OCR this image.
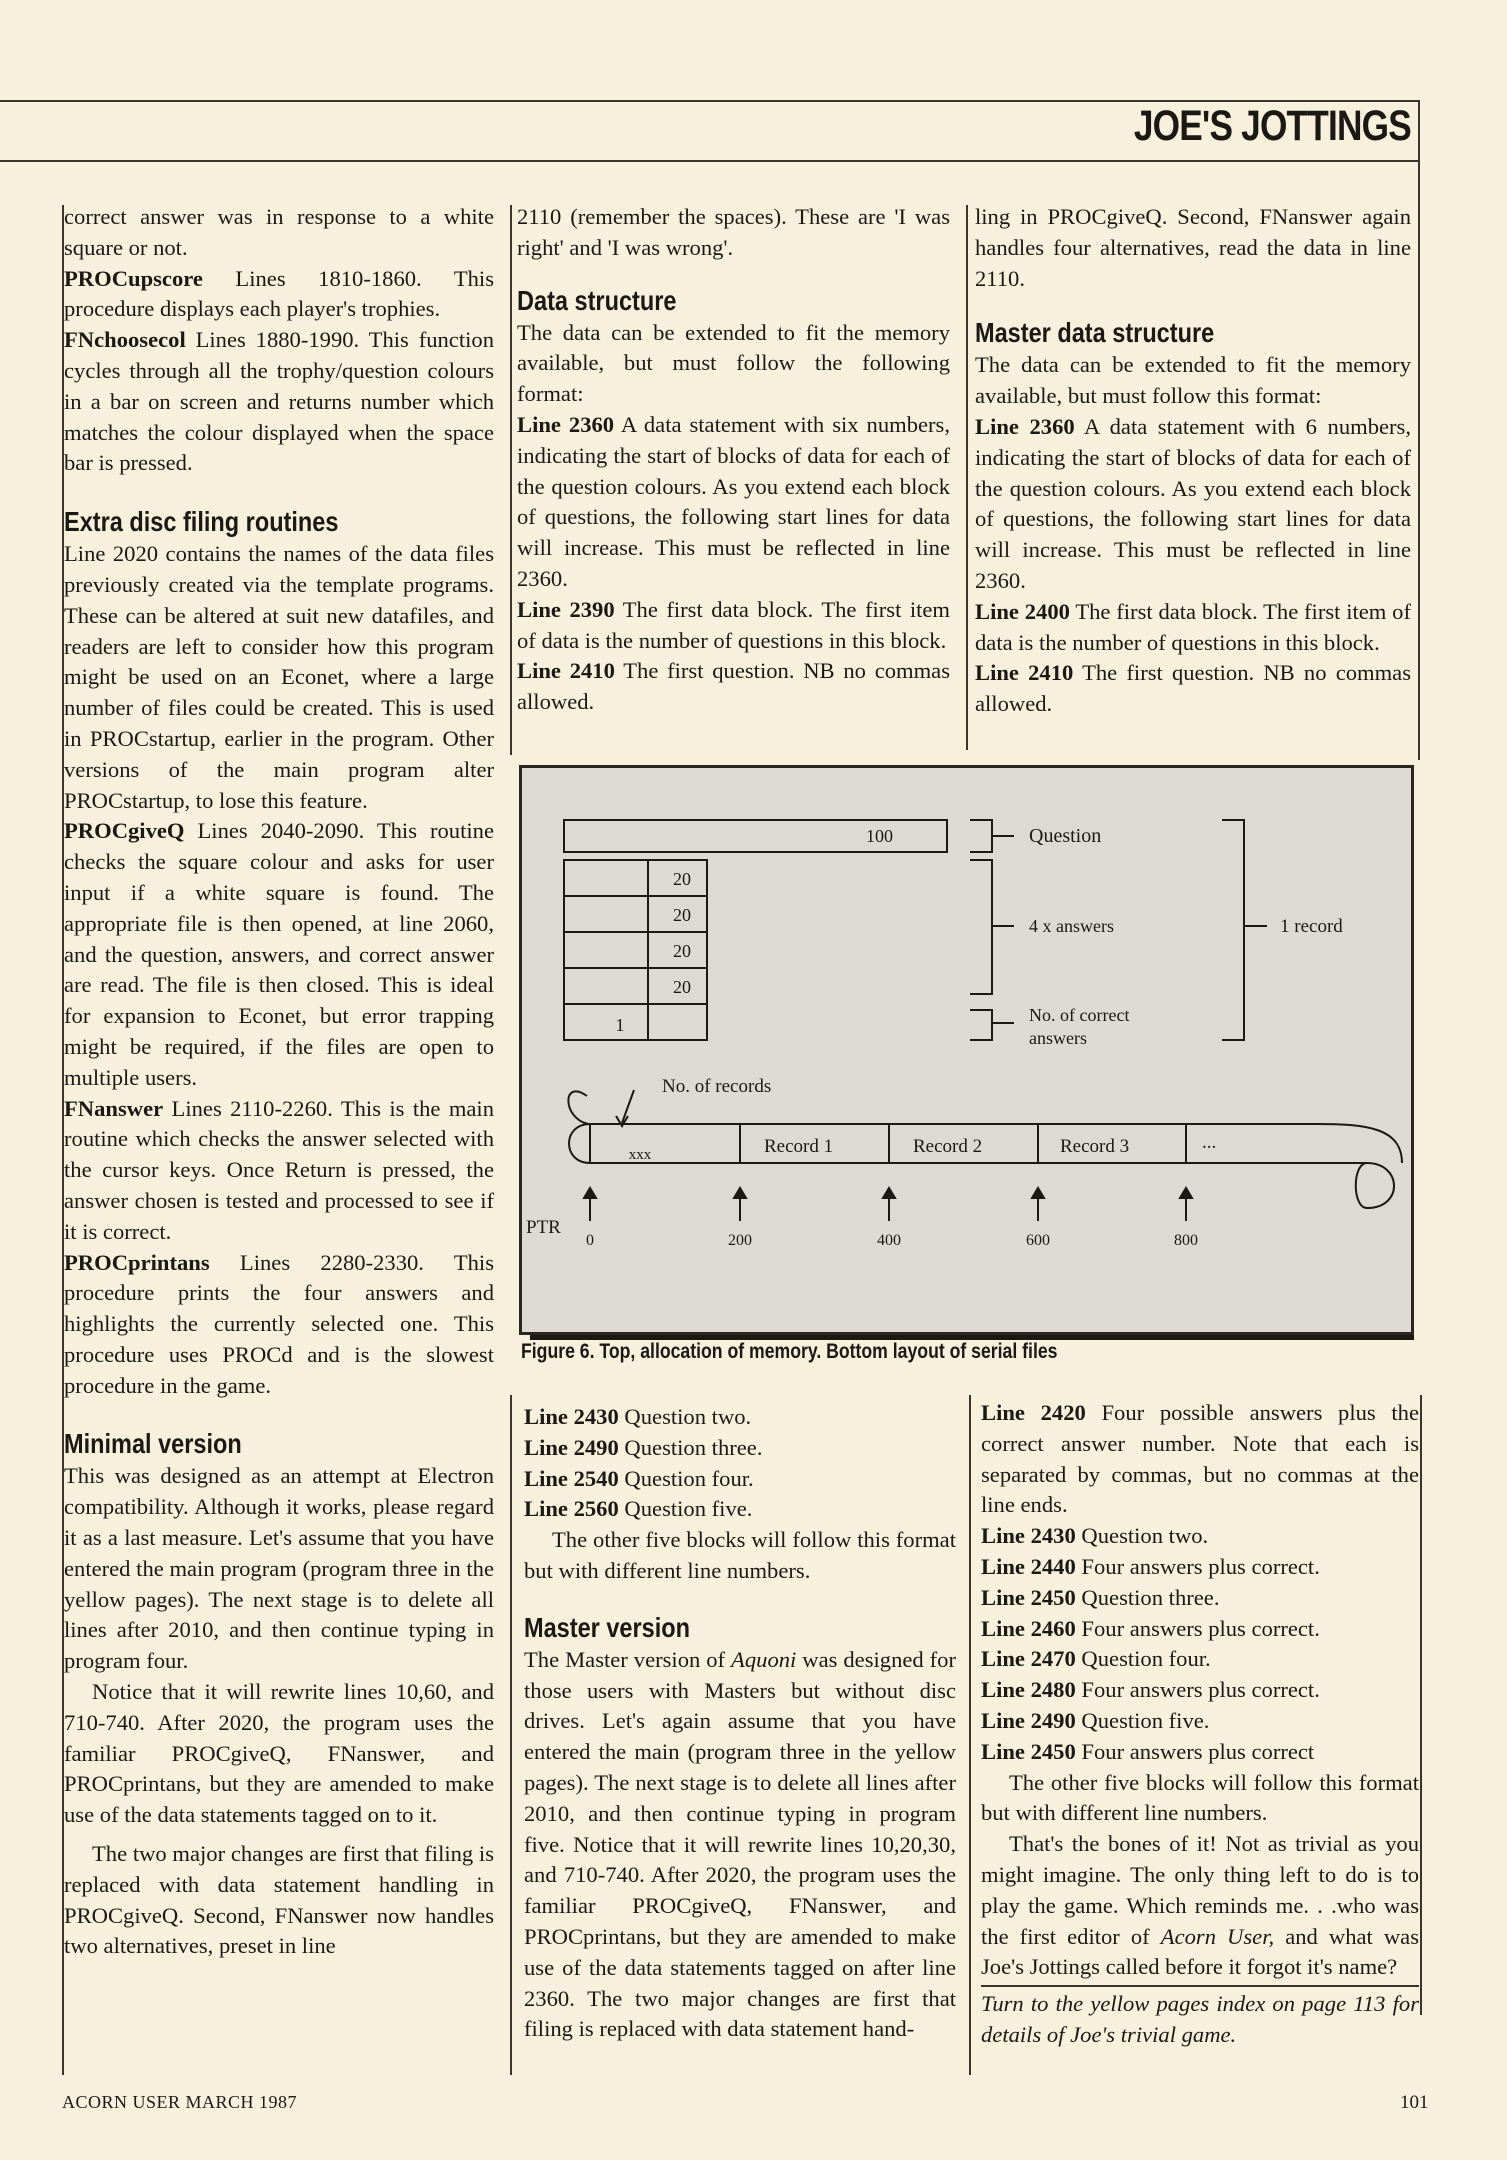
JOE'S JOTTINGS

correct answer was in response to a white square or not.

PROCupscore Lines 1810-1860. This procedure displays each player's trophies.

FNchoosecol Lines 1880-1990. This function cycles through all the trophy/question colours in a bar on screen and returns number which matches the colour displayed when the space bar is pressed.

Extra disc filing routines

Line 2020 contains the names of the data files previously created via the template programs. These can be altered at suit new datafiles, and readers are left to consider how this program might be used on an Econet, where a large number of files could be created. This is used in PROCstartup, earlier in the program. Other versions of the main program alter PROCstartup, to lose this feature.

PROCgiveQ Lines 2040-2090. This routine checks the square colour and asks for user input if a white square is found. The appropriate file is then opened, at line 2060, and the question, answers, and correct answer are read. The file is then closed. This is ideal for expansion to Econet, but error trapping might be required, if the files are open to multiple users.

FNanswer Lines 2110-2260. This is the main routine which checks the answer selected with the cursor keys. Once Return is pressed, the answer chosen is tested and processed to see if it is correct.

PROCprintans Lines 2280-2330. This procedure prints the four answers and highlights the currently selected one. This procedure uses PROCd and is the slowest procedure in the game.

Minimal version

This was designed as an attempt at Electron compatibility. Although it works, please regard it as a last measure. Let's assume that you have entered the main program (program three in the yellow pages). The next stage is to delete all lines after 2010, and then continue typing in program four.

Notice that it will rewrite lines 10,60, and 710-740. After 2020, the program uses the familiar PROCgiveQ, FNanswer, and PROCprintans, but they are amended to make use of the data statements tagged on to it.

The two major changes are first that filing is replaced with data statement handling in PROCgiveQ. Second, FNanswer now handles two alternatives, preset in line

2110 (remember the spaces). These are 'I was right' and 'I was wrong'.

Data structure

The data can be extended to fit the memory available, but must follow the following format:

Line 2360 A data statement with six numbers, indicating the start of blocks of data for each of the question colours. As you extend each block of questions, the following start lines for data will increase. This must be reflected in line 2360.

Line 2390 The first data block. The first item of data is the number of questions in this block.

Line 2410 The first question. NB no commas allowed.

ling in PROCgiveQ. Second, FNanswer again handles four alternatives, read the data in line 2110.

Master data structure

The data can be extended to fit the memory available, but must follow this format:

Line 2360 A data statement with 6 numbers, indicating the start of blocks of data for each of the question colours. As you extend each block of questions, the following start lines for data will increase. This must be reflected in line 2360.

Line 2400 The first data block. The first item of data is the number of questions in this block.

Line 2410 The first question. NB no commas allowed.

100
20
20
20
20
1
Question
4 x answers	1 record
No. of correct
answers
No. of records
xxx	Record 1	Record 2	Record 3	...
PTR
0	200	400	600	800
Figure 6. Top, allocation of memory. Bottom layout of serial files

Line 2430 Question two.

Line 2490 Question three.

Line 2540 Question four.

Line 2560 Question five.

The other five blocks will follow this format but with different line numbers.

Master version

The Master version of Aquoni was designed for those users with Masters but without disc drives. Let's again assume that you have entered the main (program three in the yellow pages). The next stage is to delete all lines after 2010, and then continue typing in program five. Notice that it will rewrite lines 10,20,30, and 710-740. After 2020, the program uses the familiar PROCgiveQ, FNanswer, and PROCprintans, but they are amended to make use of the data statements tagged on after line 2360. The two major changes are first that filing is replaced with data statement hand-

Line 2420 Four possible answers plus the correct answer number. Note that each is separated by commas, but no commas at the line ends.

Line 2430 Question two.

Line 2440 Four answers plus correct.

Line 2450 Question three.

Line 2460 Four answers plus correct.

Line 2470 Question four.

Line 2480 Four answers plus correct.

Line 2490 Question five.

Line 2450 Four answers plus correct

The other five blocks will follow this format but with different line numbers.

That's the bones of it! Not as trivial as you might imagine. The only thing left to do is to play the game. Which reminds me. . .who was the first editor of Acorn User, and what was Joe's Jottings called before it forgot it's name?

Turn to the yellow pages index on page 113 for details of Joe's trivial game.

ACORN USER MARCH 1987	101
